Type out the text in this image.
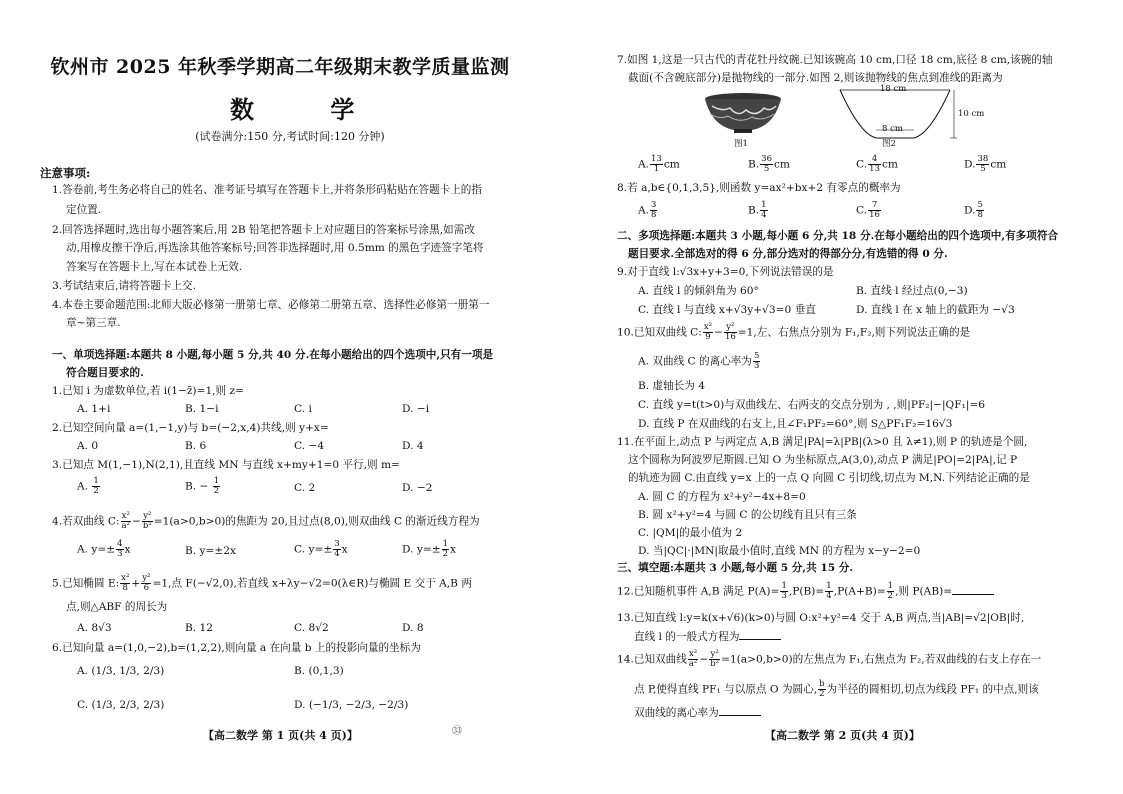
钦州市 2025 年秋季学期高二年级期末教学质量监测
数 学
(试卷满分:150 分,考试时间:120 分钟)
注意事项:
1.答卷前,考生务必将自己的姓名、准考证号填写在答题卡上,并将条形码粘贴在答题卡上的指
定位置.
2.回答选择题时,选出每小题答案后,用 2B 铅笔把答题卡上对应题目的答案标号涂黑,如需改
动,用橡皮擦干净后,再选涂其他答案标号;回答非选择题时,用 0.5mm 的黑色字迹签字笔将
答案写在答题卡上,写在本试卷上无效.
3.考试结束后,请将答题卡上交.
4.本卷主要命题范围:北师大版必修第一册第七章、必修第二册第五章、选择性必修第一册第一
章~第三章.
一、单项选择题:本题共 8 小题,每小题 5 分,共 40 分.在每小题给出的四个选项中,只有一项是
符合题目要求的.
1.已知 i 为虚数单位,若 i(1−z̄)=1,则 z=
A. 1+i	B. 1−i	C. i	D. −i
2.已知空间向量 a=(1,−1,y)与 b=(−2,x,4)共线,则 y+x=
A. 0	B. 6	C. −4	D. 4
3.已知点 M(1,−1),N(2,1),且直线 MN 与直线 x+my+1=0 平行,则 m=
A. $\frac{1}{2}$	B. − $\frac{1}{2}$	C. 2	D. −2
4.若双曲线 C: $\frac{\text{x²}}{\text{a²}} - \frac{\text{y²}}{\text{b²}} =1(a>0,b>0)$的焦距为 20,且过点(8,0),则双曲线 C 的渐近线方程为
A. $y=\pm \frac{4}{3}$ x	B. y=±2x	C. $y=\pm \frac{3}{4}$ x	D. $y=\pm \frac{1}{2}$ x
5.已知椭圆 E: $\frac{\text{x²}}{8} + \frac{\text{y²}}{6} =1$,点 F(−√2,0),若直线 x+λy−√2=0(λ∈R)与椭圆 E 交于 A,B 两
点,则△ABF 的周长为
A. 8√3	B. 12	C. 8√2	D. 8
6.已知向量 a=(1,0,−2),b=(1,2,2),则向量 a 在向量 b 上的投影向量的坐标为
A. (1/3, 1/3, 2/3)	B. (0,1,3)
C. (1/3, 2/3, 2/3)	D. (−1/3, −2/3, −2/3)
【高二数学 第 1 页(共 4 页)】	㉝
7.如图 1,这是一只古代的青花牡丹纹碗.已知该碗高 10 cm,口径 18 cm,底径 8 cm,该碗的轴
截面(不含碗底部分)是抛物线的一部分.如图 2,则该抛物线的焦点到准线的距离为
图1
18 cm
8 cm
10 cm
图2
A. $\frac{13}{1}$ cm	B. $\frac{36}{5}$ cm	C. $\frac{4}{13}$ cm	D. $\frac{38}{5}$ cm
8.若 a,b∈{0,1,3,5},则函数 y=ax²+bx+2 有零点的概率为
A. $\frac{3}{8}$	B. $\frac{1}{4}$	C. $\frac{7}{16}$	D. $\frac{5}{8}$
二、多项选择题:本题共 3 小题,每小题 6 分,共 18 分.在每小题给出的四个选项中,有多项符合
题目要求.全部选对的得 6 分,部分选对的得部分分,有选错的得 0 分.
9.对于直线 l:√3x+y+3=0,下列说法错误的是
A. 直线 l 的倾斜角为 60°	B. 直线 l 经过点(0,−3)
C. 直线 l 与直线 x+√3y+√3=0 垂直	D. 直线 l 在 x 轴上的截距为 −√3
10.已知双曲线 C: $\frac{\text{x²}}{9} - \frac{\text{y²}}{16} =1$,左、右焦点分别为 F₁,F₂,则下列说法正确的是
A. 双曲线 C 的离心率为 $\frac{5}{3}$
B. 虚轴长为 4
C. 直线 y=t(t>0)与双曲线左、右两支的交点分别为 , ,则|PF₂|−|QF₁|=6
D. 直线 P 在双曲线的右支上,且∠F₁PF₂=60°,则 S△PF₁F₂=16√3
11.在平面上,动点 P 与两定点 A,B 满足|PA|=λ|PB|(λ>0 且 λ≠1),则 P 的轨迹是个圆,
这个圆称为阿波罗尼斯圆.已知 O 为坐标原点,A(3,0),动点 P 满足|PO|=2|PA|,记 P
的轨迹为圆 C.由直线 y=x 上的一点 Q 向圆 C 引切线,切点为 M,N.下列结论正确的是
A. 圆 C 的方程为 x²+y²−4x+8=0
B. 圆 x²+y²=4 与圆 C 的公切线有且只有三条
C. |QM|的最小值为 2
D. 当|QC|·|MN|取最小值时,直线 MN 的方程为 x−y−2=0
三、填空题:本题共 3 小题,每小题 5 分,共 15 分.
12.已知随机事件 A,B 满足 $P(A)= \frac{1}{3} ,P(B)= \frac{1}{4} ,P(A+B)= \frac{1}{2}$ ,则 P(AB)=
13.已知直线 l:y=k(x+√6)(k>0)与圆 O:x²+y²=4 交于 A,B 两点,当|AB|=√2|OB|时,
直线 l 的一般式方程为
14.已知双曲线 $\frac{\text{x²}}{\text{a²}} - \frac{\text{y²}}{\text{b²}} =1(a>0,b>0)$的左焦点为 F₁,右焦点为 F₂,若双曲线的右支上存在一
点 P,使得直线 PF₁ 与以原点 O 为圆心, $\frac{b}{2}$ 为半径的圆相切,切点为线段 PF₁ 的中点,则该
双曲线的离心率为
【高二数学 第 2 页(共 4 页)】
